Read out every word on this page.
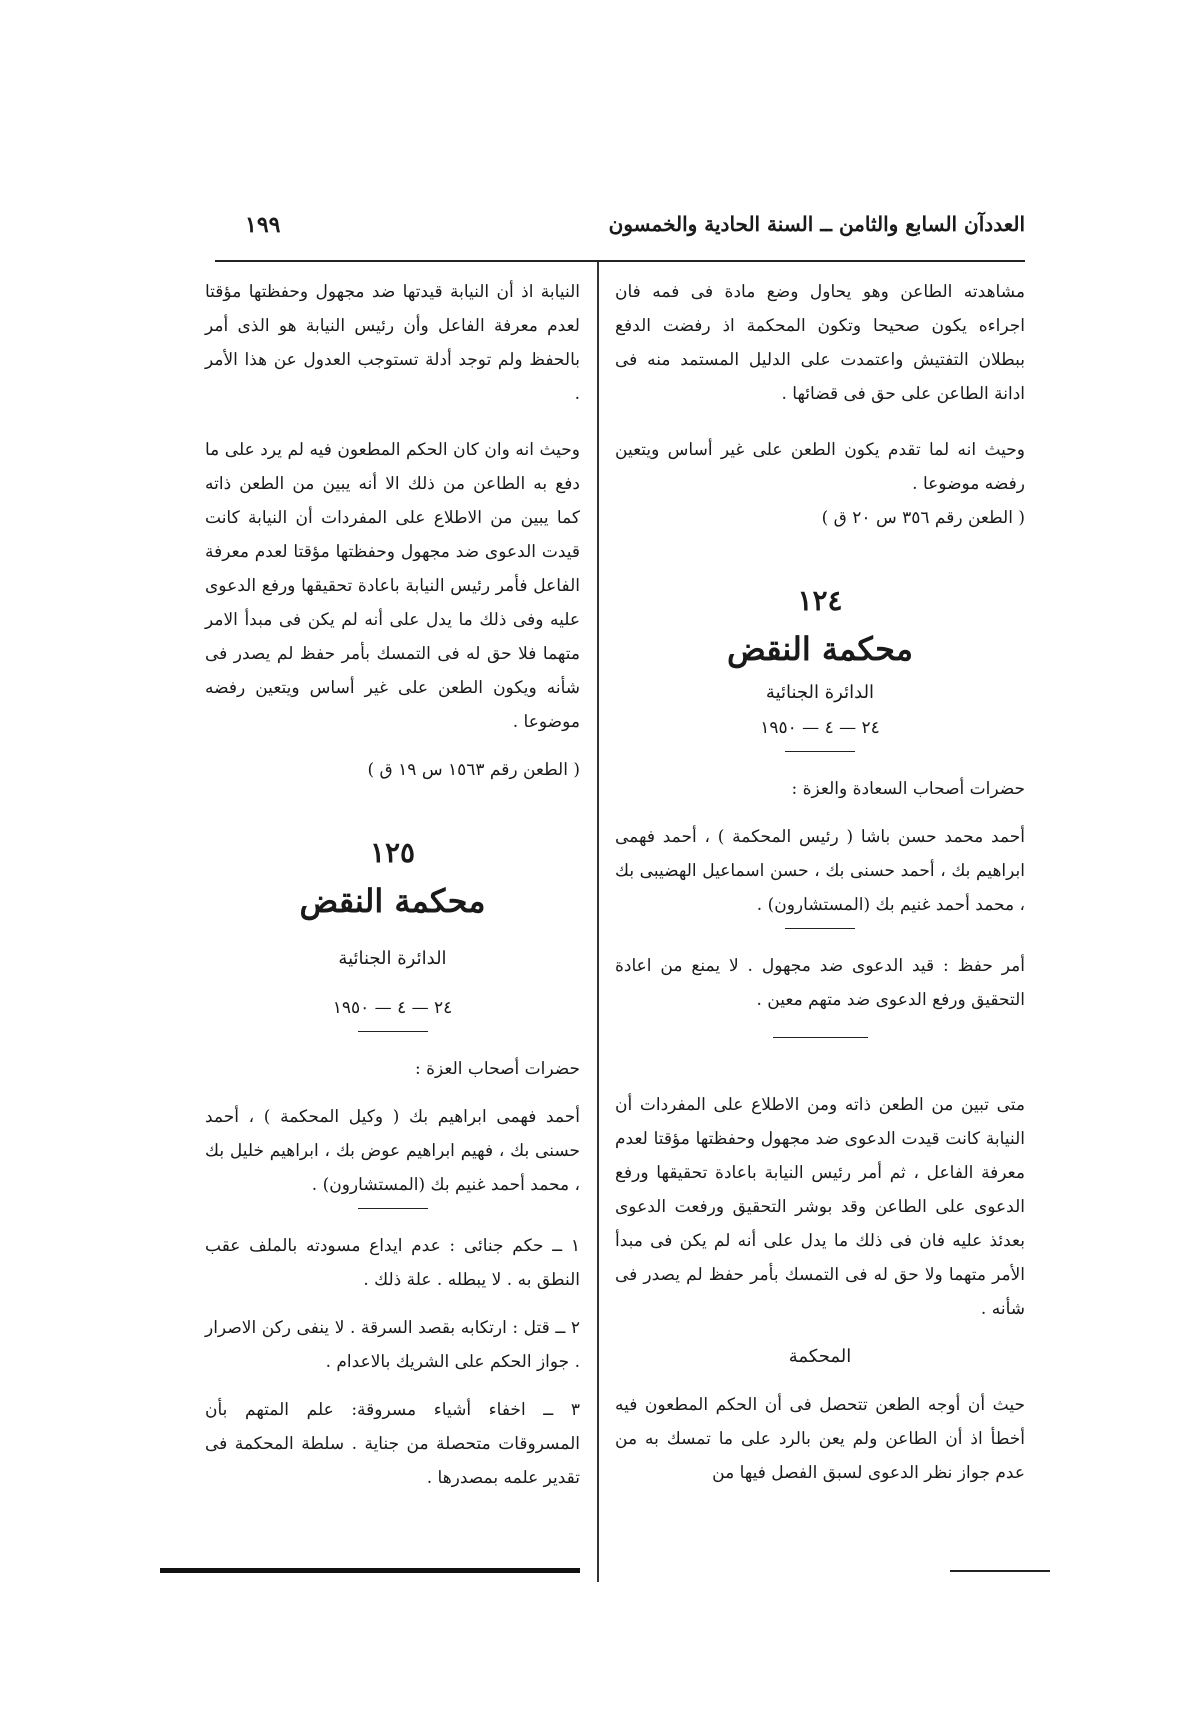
العددآن السابع والثامن ــ السنة الحادية والخمسون
١٩٩

مشاهدته الطاعن وهو يحاول وضع مادة فى فمه فان اجراءه يكون صحيحا وتكون المحكمة اذ رفضت الدفع ببطلان التفتيش واعتمدت على الدليل المستمد منه فى ادانة الطاعن على حق فى قضائها .

وحيث انه لما تقدم يكون الطعن على غير أساس ويتعين رفضه موضوعا .

( الطعن رقم ٣٥٦ س ٢٠ ق )

١٢٤

محكمة النقض

الدائرة الجنائية

٢٤ — ٤ — ١٩٥٠

حضرات أصحاب السعادة والعزة :

أحمد محمد حسن باشا ( رئيس المحكمة ) ، أحمد فهمى ابراهيم بك ، أحمد حسنى بك ، حسن اسماعيل الهضيبى بك ، محمد أحمد غنيم بك (المستشارون) .

أمر حفظ : قيد الدعوى ضد مجهول . لا يمنع من اعادة التحقيق ورفع الدعوى ضد متهم معين .

متى تبين من الطعن ذاته ومن الاطلاع على المفردات أن النيابة كانت قيدت الدعوى ضد مجهول وحفظتها مؤقتا لعدم معرفة الفاعل ، ثم أمر رئيس النيابة باعادة تحقيقها ورفع الدعوى على الطاعن وقد بوشر التحقيق ورفعت الدعوى بعدئذ عليه فان فى ذلك ما يدل على أنه لم يكن فى مبدأ الأمر متهما ولا حق له فى التمسك بأمر حفظ لم يصدر فى شأنه .

المحكمة

حيث أن أوجه الطعن تتحصل فى أن الحكم المطعون فيه أخطأ اذ أن الطاعن ولم يعن بالرد على ما تمسك به من عدم جواز نظر الدعوى لسبق الفصل فيها من

النيابة اذ أن النيابة قيدتها ضد مجهول وحفظتها مؤقتا لعدم معرفة الفاعل وأن رئيس النيابة هو الذى أمر بالحفظ ولم توجد أدلة تستوجب العدول عن هذا الأمر .

وحيث انه وان كان الحكم المطعون فيه لم يرد على ما دفع به الطاعن من ذلك الا أنه يبين من الطعن ذاته كما يبين من الاطلاع على المفردات أن النيابة كانت قيدت الدعوى ضد مجهول وحفظتها مؤقتا لعدم معرفة الفاعل فأمر رئيس النيابة باعادة تحقيقها ورفع الدعوى عليه وفى ذلك ما يدل على أنه لم يكن فى مبدأ الامر متهما فلا حق له فى التمسك بأمر حفظ لم يصدر فى شأنه ويكون الطعن على غير أساس ويتعين رفضه موضوعا .

( الطعن رقم ١٥٦٣ س ١٩ ق )

١٢٥

محكمة النقض

الدائرة الجنائية

٢٤ — ٤ — ١٩٥٠

حضرات أصحاب العزة :

أحمد فهمى ابراهيم بك ( وكيل المحكمة ) ، أحمد حسنى بك ، فهيم ابراهيم عوض بك ، ابراهيم خليل بك ، محمد أحمد غنيم بك (المستشارون) .

١ ــ حكم جنائى : عدم ايداع مسودته بالملف عقب النطق به . لا يبطله . علة ذلك .

٢ ــ قتل : ارتكابه بقصد السرقة . لا ينفى ركن الاصرار . جواز الحكم على الشريك بالاعدام .

٣ ــ اخفاء أشياء مسروقة: علم المتهم بأن المسروقات متحصلة من جناية . سلطة المحكمة فى تقدير علمه بمصدرها .
